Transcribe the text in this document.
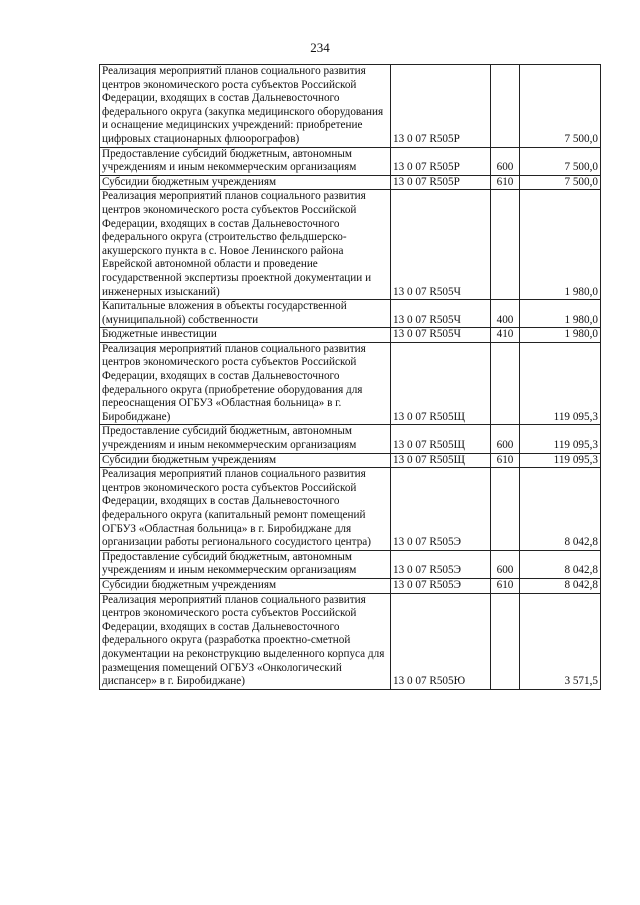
234
Реализация мероприятий планов социального развития центров экономического роста субъектов Российской Федерации, входящих в состав Дальневосточного федерального округа (закупка медицинского оборудования и оснащение медицинских учреждений: приобретение цифровых стационарных флюорографов)	13 0 07 R505Р		7 500,0
Предоставление субсидий бюджетным, автономным учреждениям и иным некоммерческим организациям	13 0 07 R505Р	600	7 500,0
Субсидии бюджетным учреждениям	13 0 07 R505Р	610	7 500,0
Реализация мероприятий планов социального развития центров экономического роста субъектов Российской Федерации, входящих в состав Дальневосточного федерального округа (строительство фельдшерско-акушерского пункта в с. Новое Ленинского района Еврейской автономной области и проведение государственной экспертизы проектной документации и инженерных изысканий)	13 0 07 R505Ч		1 980,0
Капитальные вложения в объекты государственной (муниципальной) собственности	13 0 07 R505Ч	400	1 980,0
Бюджетные инвестиции	13 0 07 R505Ч	410	1 980,0
Реализация мероприятий планов социального развития центров экономического роста субъектов Российской Федерации, входящих в состав Дальневосточного федерального округа (приобретение оборудования для переоснащения ОГБУЗ «Областная больница» в г. Биробиджане)	13 0 07 R505Щ		119 095,3
Предоставление субсидий бюджетным, автономным учреждениям и иным некоммерческим организациям	13 0 07 R505Щ	600	119 095,3
Субсидии бюджетным учреждениям	13 0 07 R505Щ	610	119 095,3
Реализация мероприятий планов социального развития центров экономического роста субъектов Российской Федерации, входящих в состав Дальневосточного федерального округа (капитальный ремонт помещений ОГБУЗ «Областная больница» в г. Биробиджане для организации работы регионального сосудистого центра)	13 0 07 R505Э		8 042,8
Предоставление субсидий бюджетным, автономным учреждениям и иным некоммерческим организациям	13 0 07 R505Э	600	8 042,8
Субсидии бюджетным учреждениям	13 0 07 R505Э	610	8 042,8
Реализация мероприятий планов социального развития центров экономического роста субъектов Российской Федерации, входящих в состав Дальневосточного федерального округа (разработка проектно-сметной документации на реконструкцию выделенного корпуса для размещения помещений ОГБУЗ «Онкологический диспансер» в г. Биробиджане)	13 0 07 R505Ю		3 571,5
